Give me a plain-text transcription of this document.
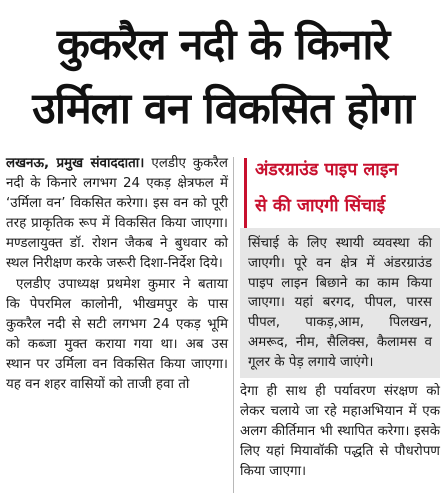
कुकरैल नदी के किनारे
उर्मिला वन विकसित होगा

लखनऊ, प्रमुख संवाददाता। एलडीए कुकरैल नदी के किनारे लगभग 24 एकड़ क्षेत्रफल में ‘उर्मिला वन’ विकसित करेगा। इस वन को पूरी तरह प्राकृतिक रूप में विकसित किया जाएगा। मण्डलायुक्त डॉ. रोशन जैकब ने बुधवार को स्थल निरीक्षण करके जरूरी दिशा-निर्देश दिये।

एलडीए उपाध्यक्ष प्रथमेश कुमार ने बताया कि पेपरमिल कालोनी, भीखमपुर के पास कुकरैल नदी से सटी लगभग 24 एकड़ भूमि को कब्जा मुक्त कराया गया था। अब उस स्थान पर उर्मिला वन विकसित किया जाएगा। यह वन शहर वासियों को ताजी हवा तो

अंडरग्राउंड पाइप लाइन
से की जाएगी सिंचाई
सिंचाई के लिए स्थायी व्यवस्था की जाएगी। पूरे वन क्षेत्र में अंडरग्राउंड पाइप लाइन बिछाने का काम किया जाएगा। यहां बरगद, पीपल, पारस पीपल, पाकड़,आम, पिलखन, अमरूद, नीम, सैलिक्स, कैलामस व गूलर के पेड़ लगाये जाएंगे।
देगा ही साथ ही पर्यावरण संरक्षण को लेकर चलाये जा रहे महाअभियान में एक अलग कीर्तिमान भी स्थापित करेगा। इसके लिए यहां मियावॉकी पद्धति से पौधरोपण किया जाएगा।
